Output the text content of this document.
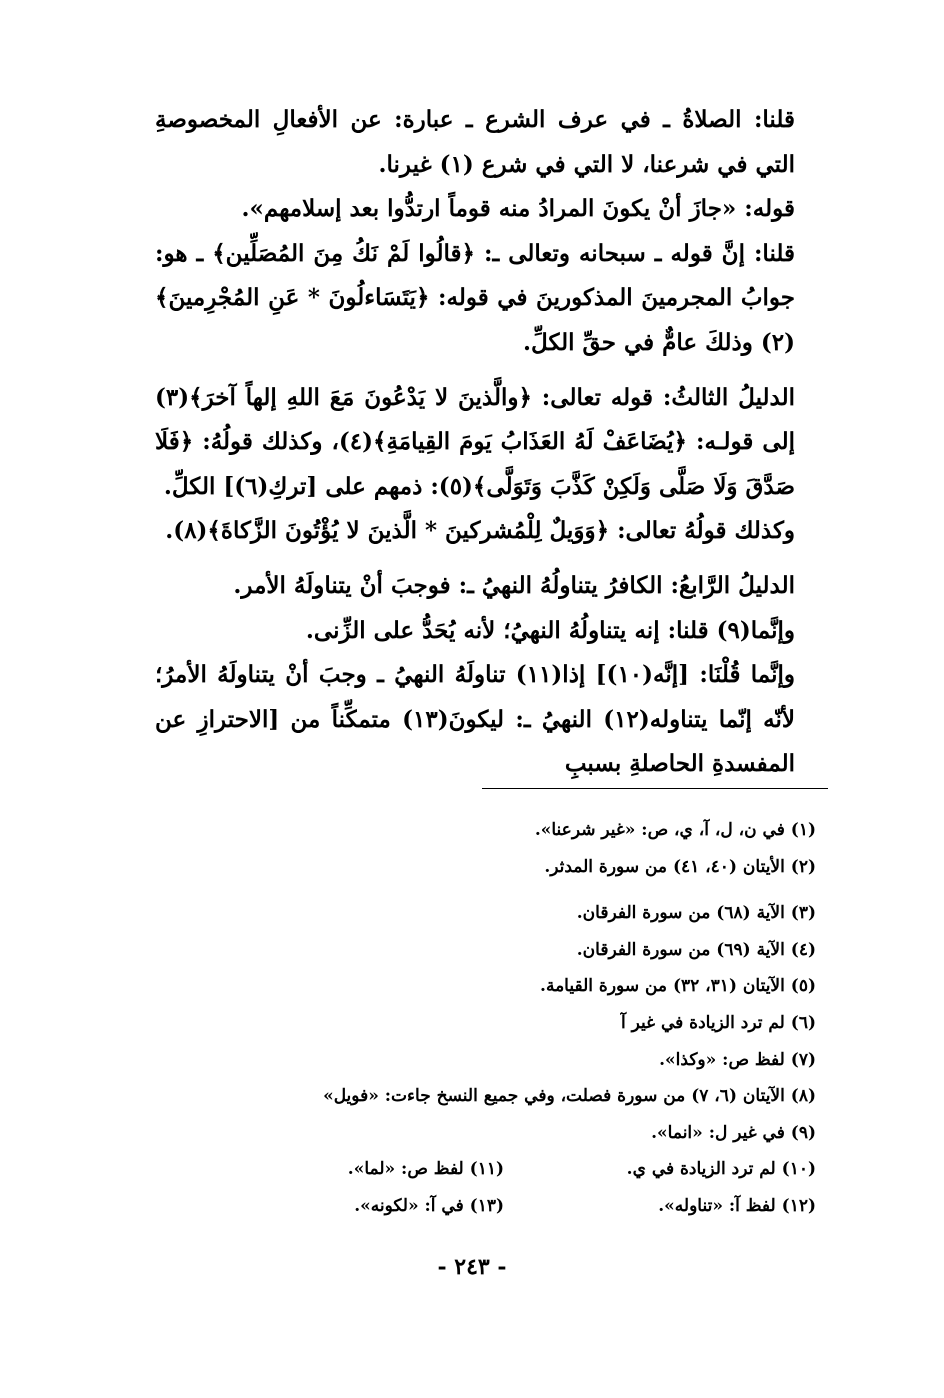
قلنا: الصلاةُ ـ في عرف الشرع ـ عبارة: عن الأفعالِ المخصوصةِ التي في شرعنا، لا التي في شرع (١) غيرنا.

قوله: «جازَ أنْ يكونَ المرادُ منه قوماً ارتدُّوا بعد إسلامهم».

قلنا: إنَّ قوله ـ سبحانه وتعالى ـ: ﴿قالُوا لَمْ نَكُ مِنَ المُصَلِّين﴾ ـ هو: جوابُ المجرمينَ المذكورينَ في قوله: ﴿يَتَسَاءلُونَ * عَنِ المُجْرِمينَ﴾(٢) وذلكَ عامٌّ في حقِّ الكلِّ.

الدليلُ الثالثُ: قوله تعالى: ﴿والَّذينَ لا يَدْعُونَ مَعَ اللهِ إلهاً آخرَ﴾(٣) إلى قولـه: ﴿يُضَاعَفْ لَهُ العَذَابُ يَومَ القِيامَةِ﴾(٤)، وكذلك قولُهُ: ﴿فَلَا صَدَّقَ وَلَا صَلَّى وَلَكِنْ كَذَّبَ وَتَوَلَّى﴾(٥): ذمهم على [تركِ(٦)] الكلِّ.

وكذلك قولُهُ تعالى: ﴿وَوَيلٌ لِلْمُشركينَ * الَّذينَ لا يُؤْتُونَ الزَّكاةَ﴾(٨).

الدليلُ الرَّابعُ: الكافرُ يتناولُهُ النهيُ ـ: فوجبَ أنْ يتناولَهُ الأمر.

وإنَّما(٩) قلنا: إنه يتناولُهُ النهيُ؛ لأنه يُحَدُّ على الزِّنى.

وإنَّما قُلْنَا: [إنَّه(١٠)] إذا(١١) تناولَهُ النهيُ ـ وجبَ أنْ يتناولَهُ الأمرُ؛ لأنّه إنّما يتناوله(١٢) النهيُ ـ: ليكونَ(١٣) متمكِّناً من [الاحترازِ عن المفسدةِ الحاصلةِ بسببِ

(١) في ن، ل، آ، ي، ص: «غير شرعنا».

(٢) الأيتان (٤٠، ٤١) من سورة المدثر.

(٣) الآية (٦٨) من سورة الفرقان.

(٤) الآية (٦٩) من سورة الفرقان.

(٥) الآيتان (٣١، ٣٢) من سورة القيامة.

(٦) لم ترد الزيادة في غير آ

(٧) لفظ ص: «وكذا».

(٨) الآيتان (٦، ٧) من سورة فصلت، وفي جميع النسخ جاءت: «فويل»

(٩) في غير ل: «انما».

(١٠) لم ترد الزيادة في ي.
(١١) لفظ ص: «لما».
(١٢) لفظ آ: «تناوله».
(١٣) في آ: «لكونه».
- ٢٤٣ -
